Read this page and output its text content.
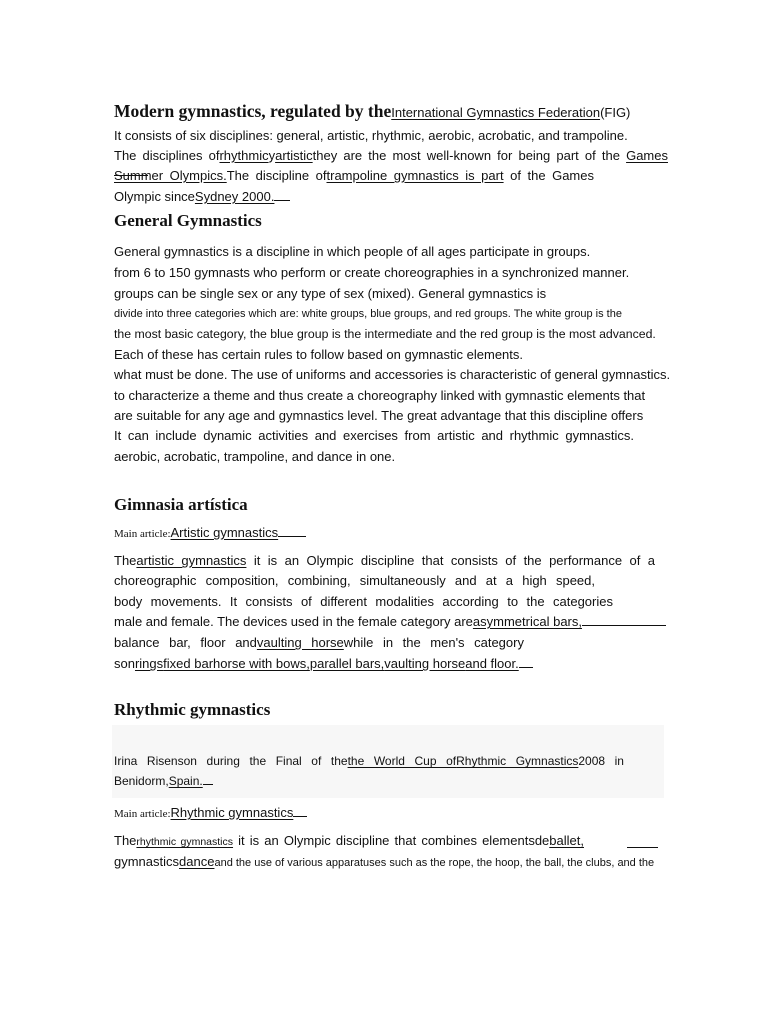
Modern gymnastics, regulated by theInternational Gymnastics Federation(FIG)
It consists of six disciplines: general, artistic, rhythmic, aerobic, acrobatic, and trampoline.
The disciplines ofrhythmicyartisticthey are the most well-known for being part of the Games
Summer Olympics.The discipline oftrampoline gymnastics is part of the Games
Olympic sinceSydney 2000.
General Gymnastics
General gymnastics is a discipline in which people of all ages participate in groups.
from 6 to 150 gymnasts who perform or create choreographies in a synchronized manner.
groups can be single sex or any type of sex (mixed). General gymnastics is
divide into three categories which are: white groups, blue groups, and red groups. The white group is the
the most basic category, the blue group is the intermediate and the red group is the most advanced.
Each of these has certain rules to follow based on gymnastic elements.
what must be done. The use of uniforms and accessories is characteristic of general gymnastics.
to characterize a theme and thus create a choreography linked with gymnastic elements that
are suitable for any age and gymnastics level. The great advantage that this discipline offers
It can include dynamic activities and exercises from artistic and rhythmic gymnastics.
aerobic, acrobatic, trampoline, and dance in one.
Gimnasia artística
Main article:Artistic gymnastics
Theartistic gymnastics it is an Olympic discipline that consists of the performance of a
choreographic composition, combining, simultaneously and at a high speed,
body movements. It consists of different modalities according to the categories
male and female. The devices used in the female category areasymmetrical bars,
balance bar, floor andvaulting horsewhile in the men's category
sonringsfixed barhorse with bows,parallel bars,vaulting horseand floor.
Rhythmic gymnastics
Irina Risenson during the Final of thethe World Cup ofRhythmic Gymnastics2008 in
Benidorm,Spain.
Main article:Rhythmic gymnastics
Therhythmic gymnastics it is an Olympic discipline that combines elementsdeballet,
gymnasticsdanceand the use of various apparatuses such as the rope, the hoop, the ball, the clubs, and the
